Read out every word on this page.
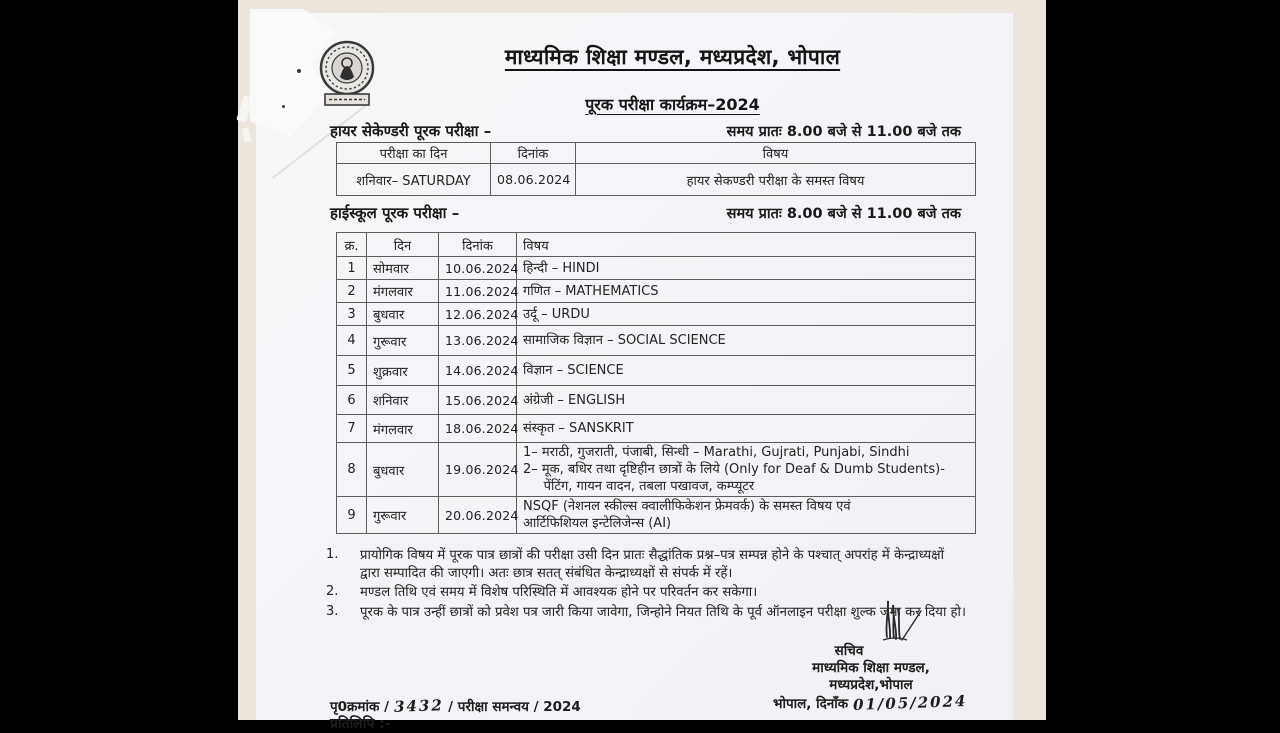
माध्यमिक शिक्षा मण्डल, मध्यप्रदेश, भोपाल
पूरक परीक्षा कार्यक्रम–2024
हायर सेकेण्डरी पूरक परीक्षा –	समय प्रातः 8.00 बजे से 11.00 बजे तक
परीक्षा का दिन	दिनांक	विषय
शनिवार– SATURDAY	08.06.2024	हायर सेकण्डरी परीक्षा के समस्त विषय
हाईस्कूल पूरक परीक्षा –	समय प्रातः 8.00 बजे से 11.00 बजे तक
क्र.	दिन	दिनांक	विषय
1	सोमवार	10.06.2024	हिन्दी – HINDI

2	मंगलवार	11.06.2024	गणित – MATHEMATICS

3	बुधवार	12.06.2024	उर्दू – URDU

4	गुरूवार	13.06.2024	सामाजिक विज्ञान – SOCIAL SCIENCE

5	शुक्रवार	14.06.2024	विज्ञान – SCIENCE

6	शनिवार	15.06.2024	अंग्रेजी – ENGLISH

7	मंगलवार	18.06.2024	संस्कृत – SANSKRIT

8	बुधवार	19.06.2024	1– मराठी, गुजराती, पंजाबी, सिन्धी – Marathi, Gujrati, Punjabi, Sindhi
2– मूक, बधिर तथा दृष्टिहीन छात्रों के लिये (Only for Deaf & Dumb Students)-
पेंटिंग, गायन वादन, तबला पखावज, कम्प्यूटर

9	गुरूवार	20.06.2024	NSQF (नेशनल स्कील्स क्वालीफिकेशन फ्रेमवर्क) के समस्त विषय एवं
आर्टिफिशियल इन्टेलिजेन्स (AI)
1.	प्रायोगिक विषय में पूरक पात्र छात्रों की परीक्षा उसी दिन प्रातः सैद्धांतिक प्रश्न–पत्र सम्पन्न होने के पश्चात् अपरांह में केन्द्राध्यक्षों द्वारा सम्पादित की जाएगी। अतः छात्र सतत् संबंधित केन्द्राध्यक्षों से संपर्क में रहें।
2.	मण्डल तिथि एवं समय में विशेष परिस्थिति में आवश्यक होने पर परिवर्तन कर सकेगा।
3.	पूरक के पात्र उन्हीं छात्रों को प्रवेश पत्र जारी किया जावेगा, जिन्होने नियत तिथि के पूर्व ऑनलाइन परीक्षा शुल्क जमा कर दिया हो।
सचिव
माध्यमिक शिक्षा मण्डल,
मध्यप्रदेश,भोपाल
भोपाल, दिनाँक 01/05/2024
पृ0क्रमांक / 3432 / परीक्षा समन्वय / 2024
प्रतिलिपि :-
